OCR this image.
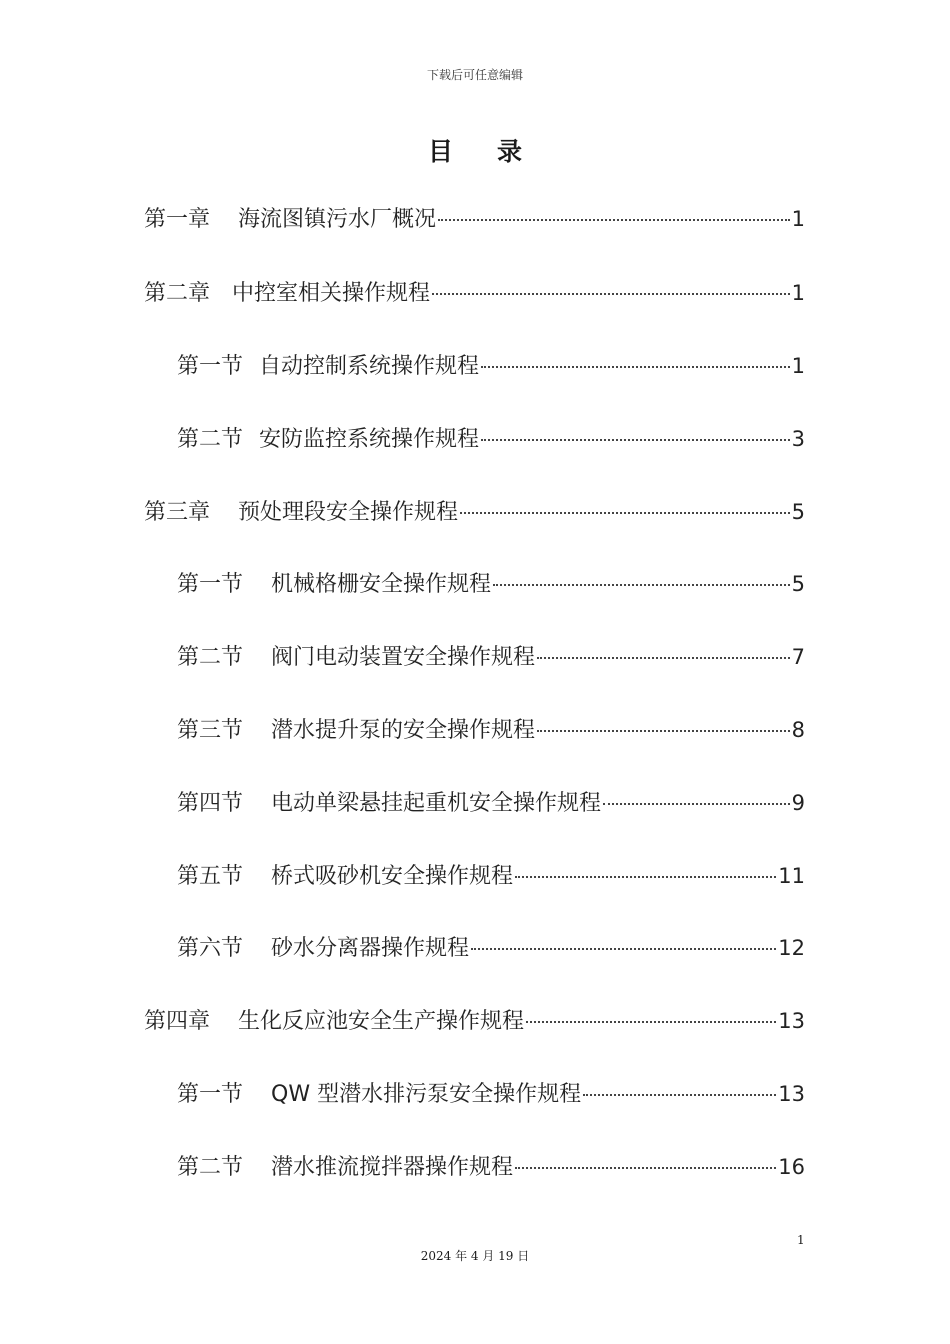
下载后可任意编辑
目 录
第一章 海流图镇污水厂概况	1
第二章 中控室相关操作规程	1
第一节 自动控制系统操作规程	1
第二节 安防监控系统操作规程	3
第三章 预处理段安全操作规程	5
第一节 机械格栅安全操作规程	5
第二节 阀门电动装置安全操作规程	7
第三节 潜水提升泵的安全操作规程	8
第四节 电动单梁悬挂起重机安全操作规程	9
第五节 桥式吸砂机安全操作规程	11
第六节 砂水分离器操作规程	12
第四章 生化反应池安全生产操作规程	13
第一节 QW 型潜水排污泵安全操作规程	13
第二节 潜水推流搅拌器操作规程	16
1
2024 年 4 月 19 日
